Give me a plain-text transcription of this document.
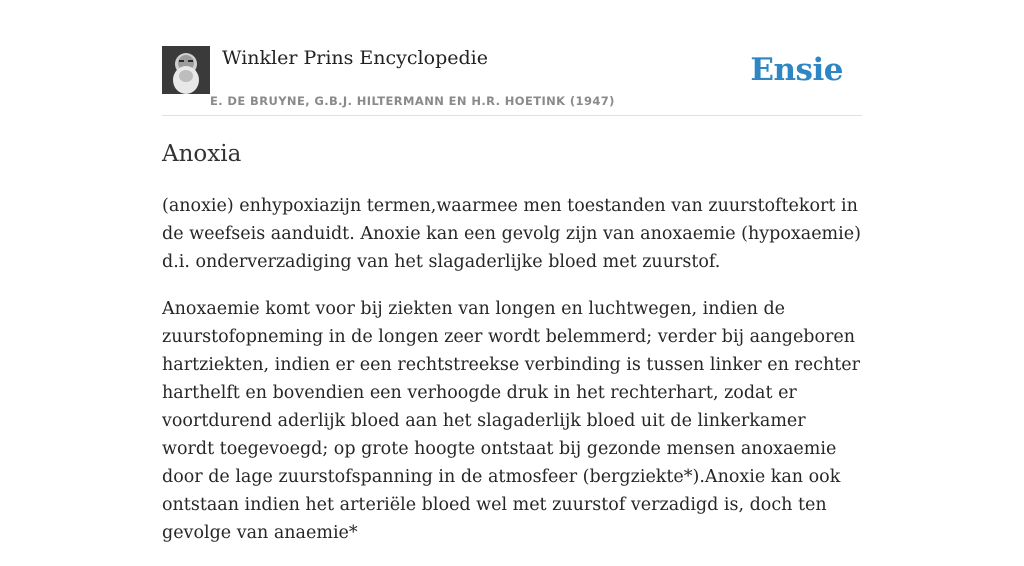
Winkler Prins Encyclopedie
E. DE BRUYNE, G.B.J. HILTERMANN EN H.R. HOETINK (1947)
Ensie
Anoxia

(anoxie) enhypoxiazijn termen,waarmee men toestanden van zuurstoftekort in de weefseis aanduidt. Anoxie kan een gevolg zijn van anoxaemie (hypoxaemie) d.i. onderverzadiging van het slagaderlijke bloed met zuurstof.

Anoxaemie komt voor bij ziekten van longen en luchtwegen, indien de zuurstofopneming in de longen zeer wordt belemmerd; verder bij aangeboren hartziekten, indien er een rechtstreekse verbinding is tussen linker en rechter harthelft en bovendien een verhoogde druk in het rechterhart, zodat er voortdurend aderlijk bloed aan het slagaderlijk bloed uit de linkerkamer wordt toegevoegd; op grote hoogte ontstaat bij gezonde mensen anoxaemie door de lage zuurstofspanning in de atmosfeer (bergziekte*).Anoxie kan ook ontstaan indien het arteriële bloed wel met zuurstof verzadigd is, doch ten gevolge van anaemie*
